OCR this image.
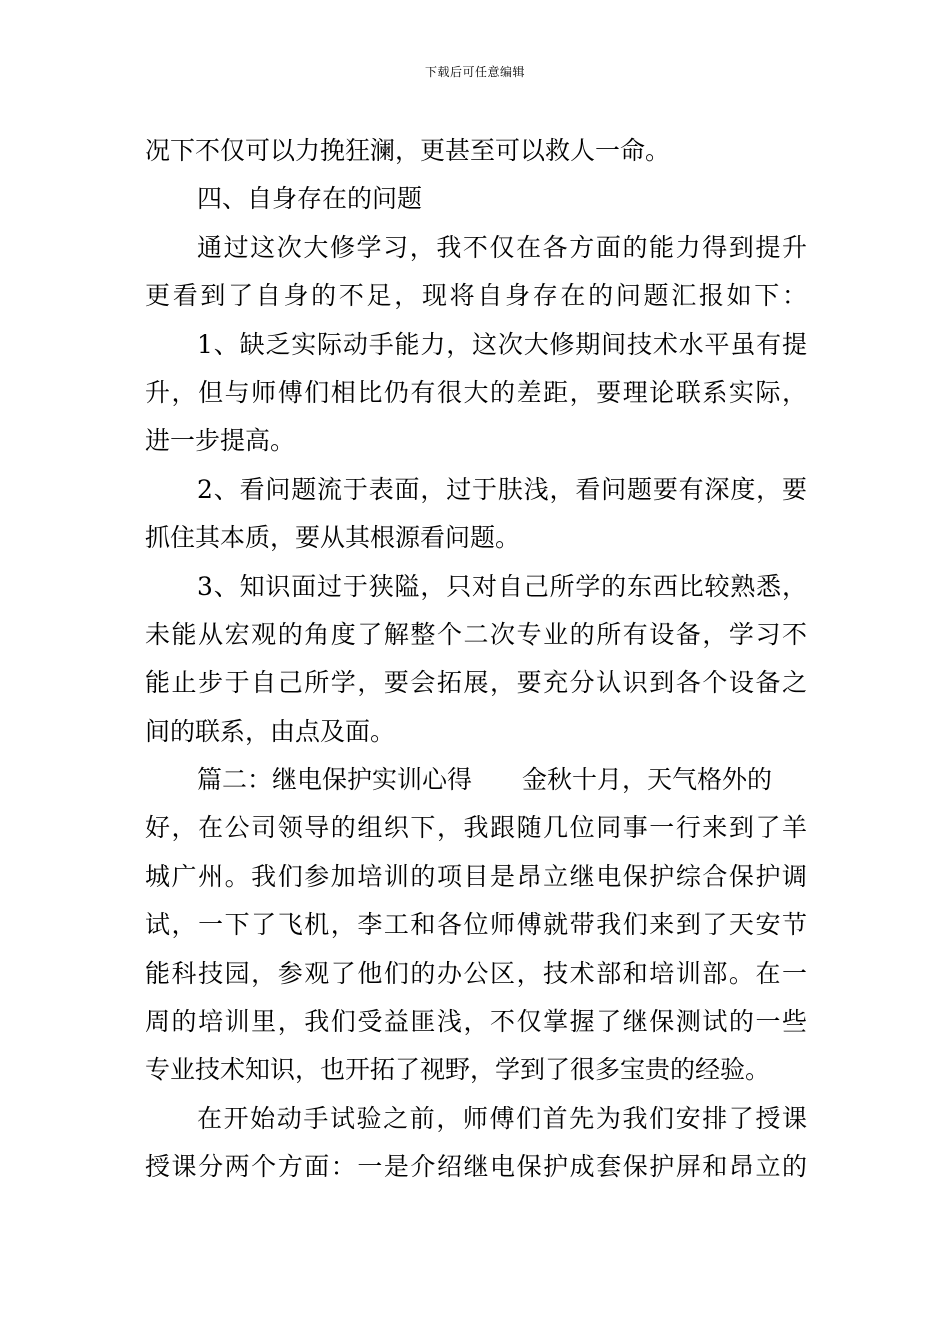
下载后可任意编辑
况下不仅可以力挽狂澜，更甚至可以救人一命。
四、自身存在的问题
通过这次大修学习，我不仅在各方面的能力得到提升
更看到了自身的不足，现将自身存在的问题汇报如下：
1、缺乏实际动手能力，这次大修期间技术水平虽有提
升，但与师傅们相比仍有很大的差距，要理论联系实际，
进一步提高。
2、看问题流于表面，过于肤浅，看问题要有深度，要
抓住其本质，要从其根源看问题。
3、知识面过于狭隘，只对自己所学的东西比较熟悉，
未能从宏观的角度了解整个二次专业的所有设备，学习不
能止步于自己所学，要会拓展，要充分认识到各个设备之
间的联系，由点及面。
篇二：继电保护实训心得 金秋十月，天气格外的
好，在公司领导的组织下，我跟随几位同事一行来到了羊
城广州。我们参加培训的项目是昂立继电保护综合保护调
试，一下了飞机，李工和各位师傅就带我们来到了天安节
能科技园，参观了他们的办公区，技术部和培训部。在一
周的培训里，我们受益匪浅，不仅掌握了继保测试的一些
专业技术知识，也开拓了视野，学到了很多宝贵的经验。
在开始动手试验之前，师傅们首先为我们安排了授课
授课分两个方面：一是介绍继电保护成套保护屏和昂立的
